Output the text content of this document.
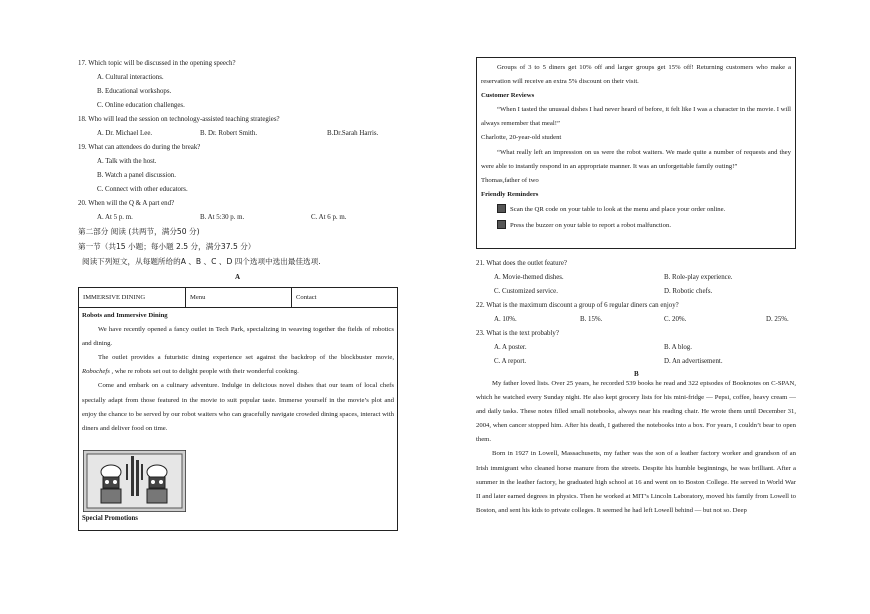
17. Which topic will be discussed in the opening speech?
A. Cultural interactions.
B. Educational workshops.
C. Online education challenges.
18. Who will lead the session on technology-assisted teaching strategies?
A. Dr. Michael Lee.	B. Dr. Robert Smith.	B.Dr.Sarah Harris.
19. What can attendees do during the break?
A. Talk with the host.
B. Watch a panel discussion.
C. Connect with other educators.
20. When will the Q & A part end?
A. At 5 p. m.	B. At 5:30 p. m.	C. At 6 p. m.
第二部分 阅读 (共两节，满分50 分)
第一节（共15 小题；每小题 2.5 分，满分37.5 分）
阅读下列短文，从每题所给的A 、B 、C 、D 四个选项中选出最佳选项.
A
IMMERSIVE DINING	Menu	Contact

Robots and Immersive Dining

We have recently opened a fancy outlet in Tech Park, specializing in weaving together the fields of robotics and dining.

The outlet provides a futuristic dining experience set against the backdrop of the blockbuster movie, Robochefs , whe re robots set out to delight people with their wonderful cooking.

Come and embark on a culinary adventure. Indulge in delicious novel dishes that our team of local chefs specially adapt from those featured in the movie to suit popular taste. Immerse yourself in the movie’s plot and enjoy the chance to be served by our robot waiters who can gracefully navigate crowded dining spaces, interact with diners and deliver food on time.

Special Promotions

Groups of 3 to 5 diners get 10% off and larger groups get 15% off! Returning customers who make a reservation will receive an extra 5% discount on their visit.

Customer Reviews

“When I tasted the unusual dishes I had never heard of before, it felt like I was a character in the movie. I will always remember that meal!”

Charlotte, 20-year-old student

“What really left an impression on us were the robot waiters. We made quite a number of requests and they were able to instantly respond in an appropriate manner. It was an unforgettable family outing!”

Thomas,father of two

Friendly Reminders

Scan the QR code on your table to look at the menu and place your order online.

Press the buzzer on your table to report a robot malfunction.

21. What does the outlet feature?
A. Movie-themed dishes.	B. Role-play experience.
C. Customized service.	D. Robotic chefs.
22. What is the maximum discount a group of 6 regular diners can enjoy?
A. 10%.	B. 15%.	C. 20%.	D. 25%.
23. What is the text probably?
A. A poster.	B. A blog.
C. A report.	D. An advertisement.
B

My father loved lists. Over 25 years, he recorded 539 books he read and 322 episodes of Booknotes on C-SPAN, which he watched every Sunday night. He also kept grocery lists for his mini-fridge — Pepsi, coffee, heavy cream — and daily tasks. These notes filled small notebooks, always near his reading chair. He wrote them until December 31, 2004, when cancer stopped him. After his death, I gathered the notebooks into a box. For years, I couldn’t bear to open them.

Born in 1927 in Lowell, Massachusetts, my father was the son of a leather factory worker and grandson of an Irish immigrant who cleaned horse manure from the streets. Despite his humble beginnings, he was brilliant. After a summer in the leather factory, he graduated high school at 16 and went on to Boston College. He served in World War II and later earned degrees in physics. Then he worked at MIT’s Lincoln Laboratory, moved his family from Lowell to Boston, and sent his kids to private colleges. It seemed he had left Lowell behind — but not so. Deep
